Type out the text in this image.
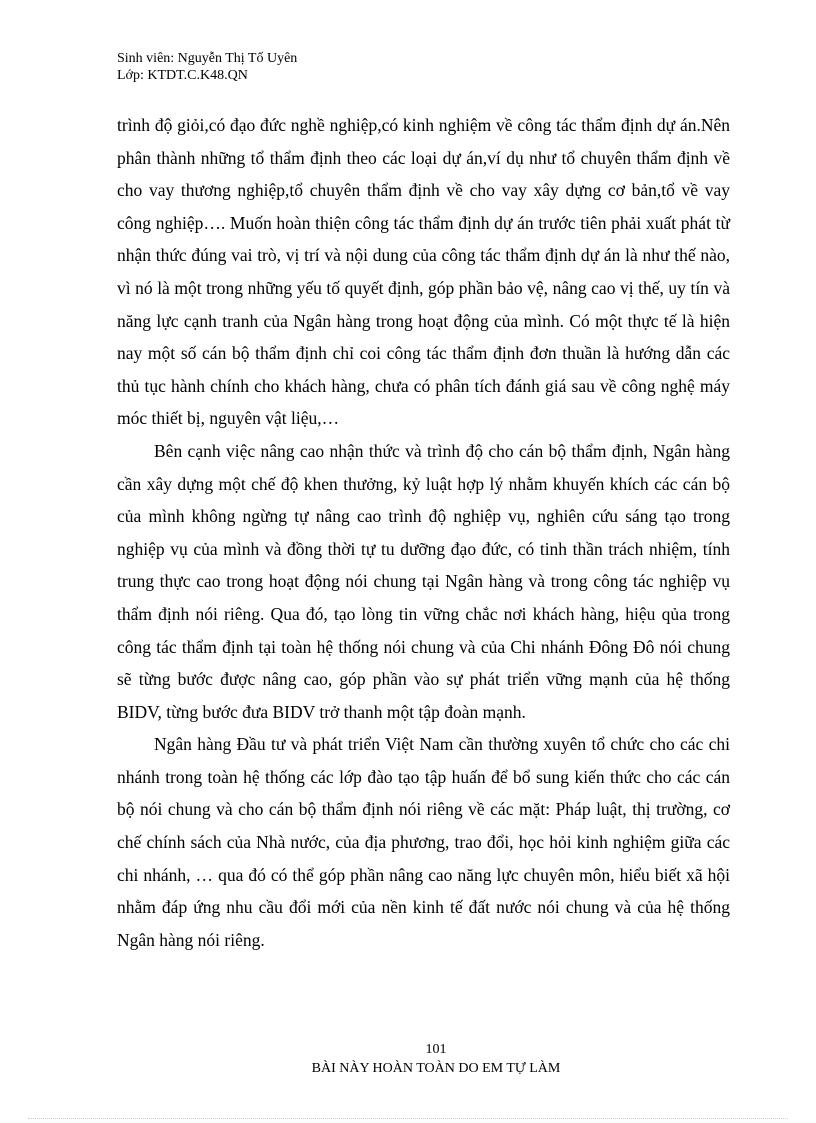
Sinh viên: Nguyễn Thị Tố Uyên
Lớp: KTDT.C.K48.QN

trình độ giỏi,có đạo đức nghề nghiệp,có kinh nghiệm về công tác thẩm định dự án.Nên phân thành những tổ thẩm định theo các loại dự án,ví dụ như tổ chuyên thẩm định về cho vay thương nghiệp,tổ chuyên thẩm định về cho vay xây dựng cơ bản,tổ về vay công nghiệp…. Muốn hoàn thiện công tác thẩm định dự án trước tiên phải xuất phát từ nhận thức đúng vai trò, vị trí và nội dung của công tác thẩm định dự án là như thế nào, vì nó là một trong những yếu tố quyết định, góp phần bảo vệ, nâng cao vị thế, uy tín và năng lực cạnh tranh của Ngân hàng trong hoạt động của mình. Có một thực tế là hiện nay một số cán bộ thẩm định chỉ coi công tác thẩm định đơn thuần là hướng dẫn các thủ tục hành chính cho khách hàng, chưa có phân tích đánh giá sau về công nghệ máy móc thiết bị, nguyên vật liệu,…

Bên cạnh việc nâng cao nhận thức và trình độ cho cán bộ thẩm định, Ngân hàng cần xây dựng một chế độ khen thưởng, kỷ luật hợp lý nhằm khuyến khích các cán bộ của mình không ngừng tự nâng cao trình độ nghiệp vụ, nghiên cứu sáng tạo trong nghiệp vụ của mình và đồng thời tự tu dưỡng đạo đức, có tinh thần trách nhiệm, tính trung thực cao trong hoạt động nói chung tại Ngân hàng và trong công tác nghiệp vụ thẩm định nói riêng. Qua đó, tạo lòng tin vững chắc nơi khách hàng, hiệu qủa trong công tác thẩm định tại toàn hệ thống nói chung và của Chi nhánh Đông Đô nói chung sẽ từng bước được nâng cao, góp phần vào sự phát triển vững mạnh của hệ thống BIDV, từng bước đưa BIDV trở thanh một tập đoàn mạnh.

Ngân hàng Đầu tư và phát triển Việt Nam cần thường xuyên tổ chức cho các chi nhánh trong toàn hệ thống các lớp đào tạo tập huấn để bổ sung kiến thức cho các cán bộ nói chung và cho cán bộ thẩm định nói riêng về các mặt: Pháp luật, thị trường, cơ chế chính sách của Nhà nước, của địa phương, trao đổi, học hỏi kinh nghiệm giữa các chi nhánh, … qua đó có thể góp phần nâng cao năng lực chuyên môn, hiểu biết xã hội nhằm đáp ứng nhu cầu đổi mới của nền kinh tế đất nước nói chung và của hệ thống Ngân hàng nói riêng.

101
BÀI NÀY HOÀN TOÀN DO EM TỰ LÀM
